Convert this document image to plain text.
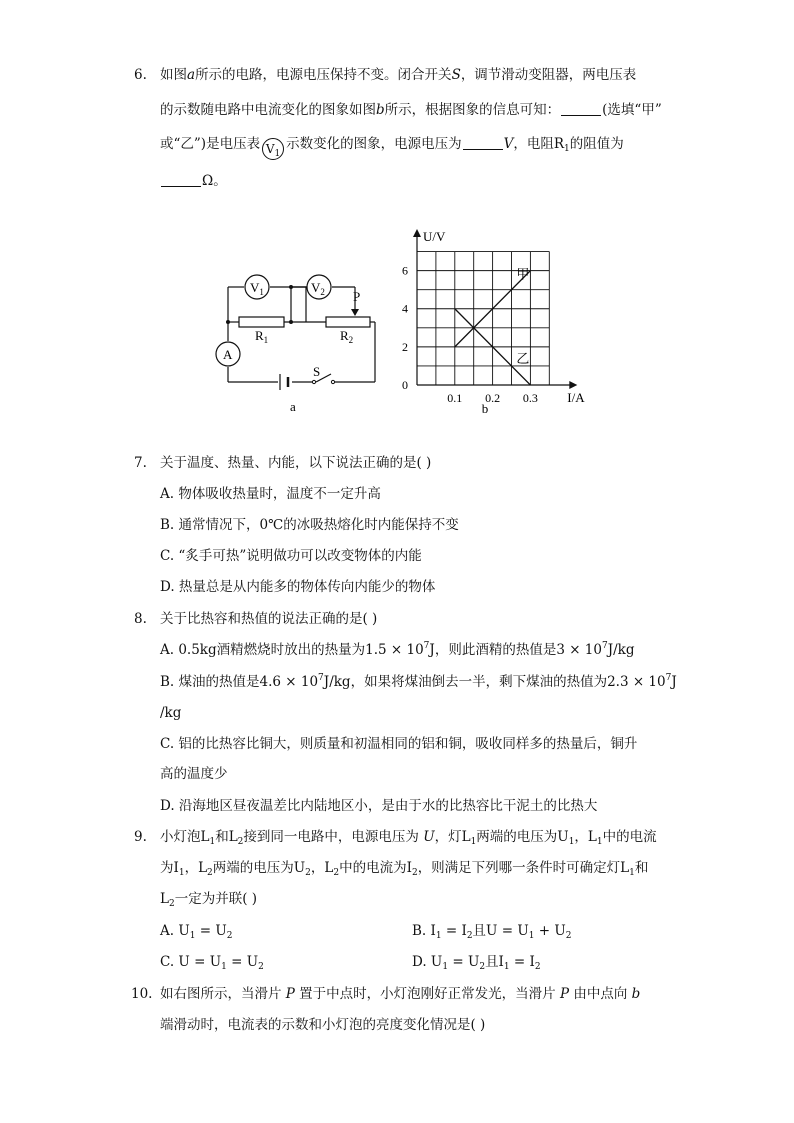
6. 如图a所示的电路，电源电压保持不变。闭合开关S，调节滑动变阻器，两电压表
的示数随电路中电流变化的图象如图b所示，根据图象的信息可知：	(选填“甲”
或“乙”)是电压表 $V_1$示数变化的图象，电源电压为	V，电阻$R_1$的阻值为
Ω。
$V_1$	$V_2$ P
$R_1$	$R_2$
A
S
a
U/V
I/A
0
2
4
6
0.1 0.2 0.3
甲
乙
b
7. 关于温度、热量、内能，以下说法正确的是( )
A. 物体吸收热量时，温度不一定升高
B. 通常情况下，0℃的冰吸热熔化时内能保持不变
C. “炙手可热”说明做功可以改变物体的内能
D. 热量总是从内能多的物体传向内能少的物体
8. 关于比热容和热值的说法正确的是( )
A. 0.5kg酒精燃烧时放出的热量为$1.5 \times 10^7J$，则此酒精的热值是$3 \times 10^7J/kg$
B. 煤油的热值是$4.6 \times 10^7J/kg$，如果将煤油倒去一半，剩下煤油的热值为$2.3 \times 10^7J$
/kg
C. 铝的比热容比铜大，则质量和初温相同的铝和铜，吸收同样多的热量后，铜升
高的温度少
D. 沿海地区昼夜温差比内陆地区小，是由于水的比热容比干泥土的比热大
9. 小灯泡$L_1$和$L_2$接到同一电路中，电源电压为 U，灯$L_1$两端的电压为$U_1$，$L_1$中的电流
为$I_1$，$L_2$两端的电压为$U_2$，$L_2$中的电流为$I_2$，则满足下列哪一条件时可确定灯$L_1$和
$L_2$一定为并联( )
A. $U_1 = U_2$	B. $I_1 = I_2$且$U = U_1 + U_2$
C. $U = U_1 = U_2$	D. $U_1 = U_2$且$I_1 = I_2$
10. 如右图所示，当滑片 P 置于中点时，小灯泡刚好正常发光，当滑片 P 由中点向 b
端滑动时，电流表的示数和小灯泡的亮度变化情况是( )
